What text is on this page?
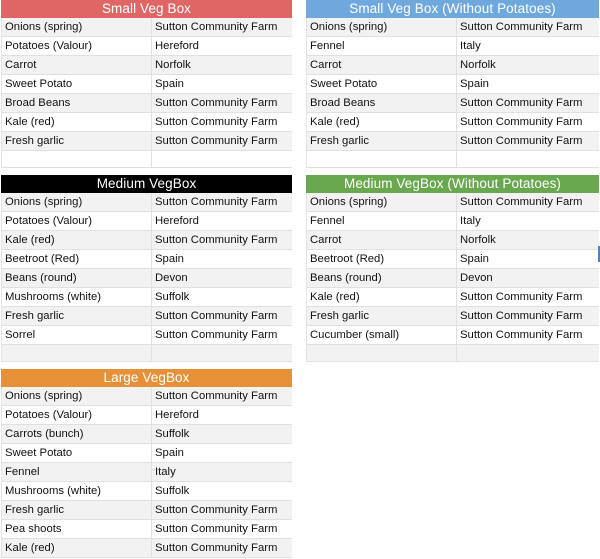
Small Veg Box
Onions (spring)	Sutton Community Farm
Potatoes (Valour)	Hereford
Carrot	Norfolk
Sweet Potato	Spain
Broad Beans	Sutton Community Farm
Kale (red)	Sutton Community Farm
Fresh garlic	Sutton Community Farm
Small Veg Box (Without Potatoes)
Onions (spring)	Sutton Community Farm
Fennel	Italy
Carrot	Norfolk
Sweet Potato	Spain
Broad Beans	Sutton Community Farm
Kale (red)	Sutton Community Farm
Fresh garlic	Sutton Community Farm
Medium VegBox
Onions (spring)	Sutton Community Farm
Potatoes (Valour)	Hereford
Kale (red)	Sutton Community Farm
Beetroot (Red)	Spain
Beans (round)	Devon
Mushrooms (white)	Suffolk
Fresh garlic	Sutton Community Farm
Sorrel	Sutton Community Farm
Medium VegBox (Without Potatoes)
Onions (spring)	Sutton Community Farm
Fennel	Italy
Carrot	Norfolk
Beetroot (Red)	Spain
Beans (round)	Devon
Kale (red)	Sutton Community Farm
Fresh garlic	Sutton Community Farm
Cucumber (small)	Sutton Community Farm
Large VegBox
Onions (spring)	Sutton Community Farm
Potatoes (Valour)	Hereford
Carrots (bunch)	Suffolk
Sweet Potato	Spain
Fennel	Italy
Mushrooms (white)	Suffolk
Fresh garlic	Sutton Community Farm
Pea shoots	Sutton Community Farm
Kale (red)	Sutton Community Farm
